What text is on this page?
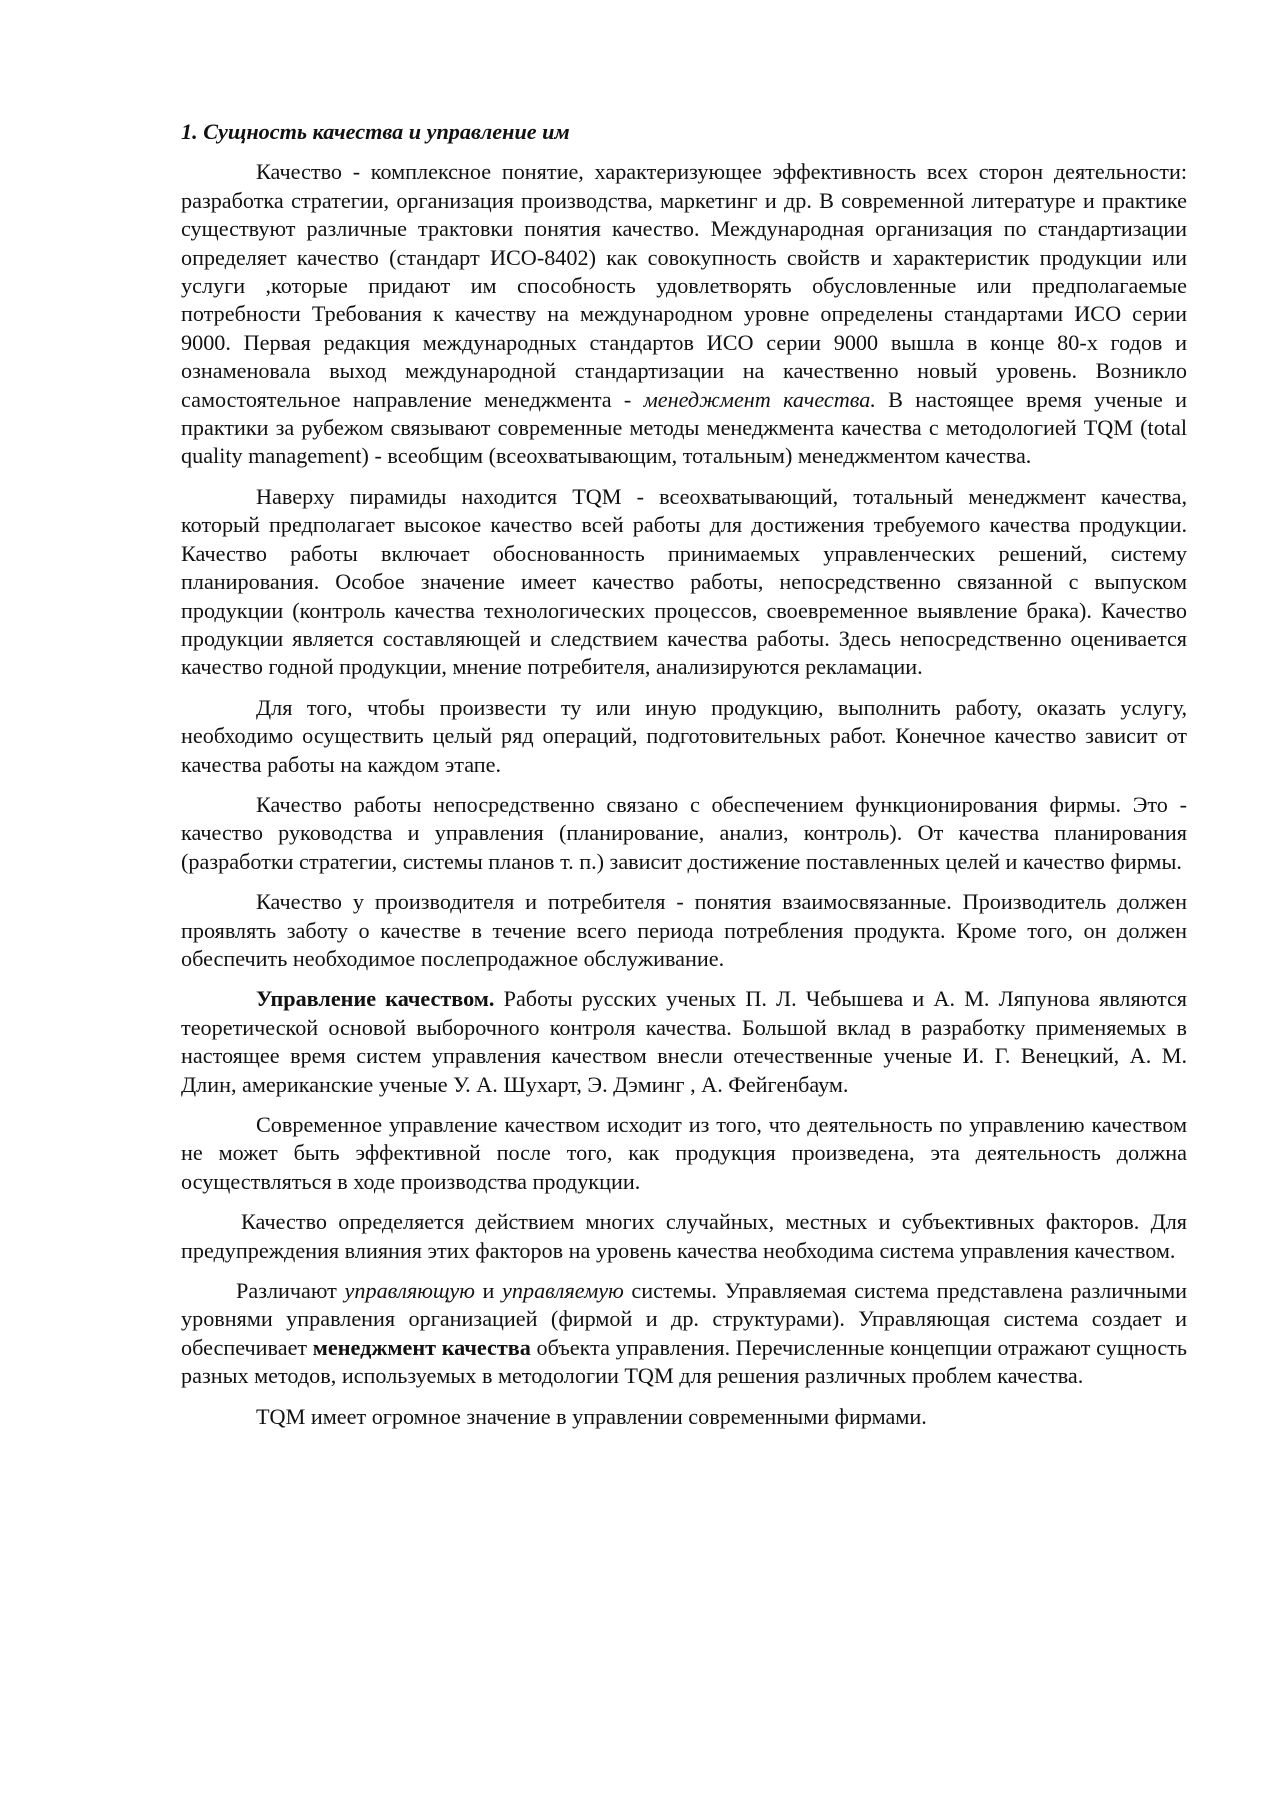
1. Сущность качества и управление им

Качество - комплексное понятие, характеризующее эффективность всех сторон деятельности: разработка стратегии, организация производства, маркетинг и др. В современной литературе и практике существуют различные трактовки понятия качество. Международная организация по стандартизации определяет качество (стандарт ИСО-8402) как совокупность свойств и характеристик продукции или услуги ,которые придают им способность удовлетворять обусловленные или предполагаемые потребности Требования к качеству на международном уровне определены стандартами ИСО серии 9000. Первая редакция международных стандартов ИСО серии 9000 вышла в конце 80-х годов и ознаменовала выход международной стандартизации на качественно новый уровень. Возникло самостоятельное направление менеджмента - менеджмент качества. В настоящее время ученые и практики за рубежом связывают современные методы менеджмента качества с методологией TQM (total quality management) - всеобщим (всеохватывающим, тотальным) менеджментом качества.

Наверху пирамиды находится TQM - всеохватывающий, тотальный менеджмент качества, который предполагает высокое качество всей работы для достижения требуемого качества продукции. Качество работы включает обоснованность принимаемых управленческих решений, систему планирования. Особое значение имеет качество работы, непосредственно связанной с выпуском продукции (контроль качества технологических процессов, своевременное выявление брака). Качество продукции является составляющей и следствием качества работы. Здесь непосредственно оценивается качество годной продукции, мнение потребителя, анализируются рекламации.

Для того, чтобы произвести ту или иную продукцию, выполнить работу, оказать услугу, необходимо осуществить целый ряд операций, подготовительных работ. Конечное качество зависит от качества работы на каждом этапе.

Качество работы непосредственно связано с обеспечением функционирования фирмы. Это - качество руководства и управления (планирование, анализ, контроль). От качества планирования (разработки стратегии, системы планов т. п.) зависит достижение поставленных целей и качество фирмы.

Качество у производителя и потребителя - понятия взаимосвязанные. Производитель должен проявлять заботу о качестве в течение всего периода потребления продукта. Кроме того, он должен обеспечить необходимое послепродажное обслуживание.

Управление качеством. Работы русских ученых П. Л. Чебышева и А. М. Ляпунова являются теоретической основой выборочного контроля качества. Большой вклад в разработку применяемых в настоящее время систем управления качеством внесли отечественные ученые И. Г. Венецкий, А. М. Длин, американские ученые У. А. Шухарт, Э. Дэминг , А. Фейгенбаум.

Современное управление качеством исходит из того, что деятельность по управлению качеством не может быть эффективной после того, как продукция произведена, эта деятельность должна осуществляться в ходе производства продукции.

Качество определяется действием многих случайных, местных и субъективных факторов. Для предупреждения влияния этих факторов на уровень качества необходима система управления качеством.

Различают управляющую и управляемую системы. Управляемая система представлена различными уровнями управления организацией (фирмой и др. структурами). Управляющая система создает и обеспечивает менеджмент качества объекта управления. Перечисленные концепции отражают сущность разных методов, используемых в методологии TQM для решения различных проблем качества.

TQM имеет огромное значение в управлении современными фирмами.
